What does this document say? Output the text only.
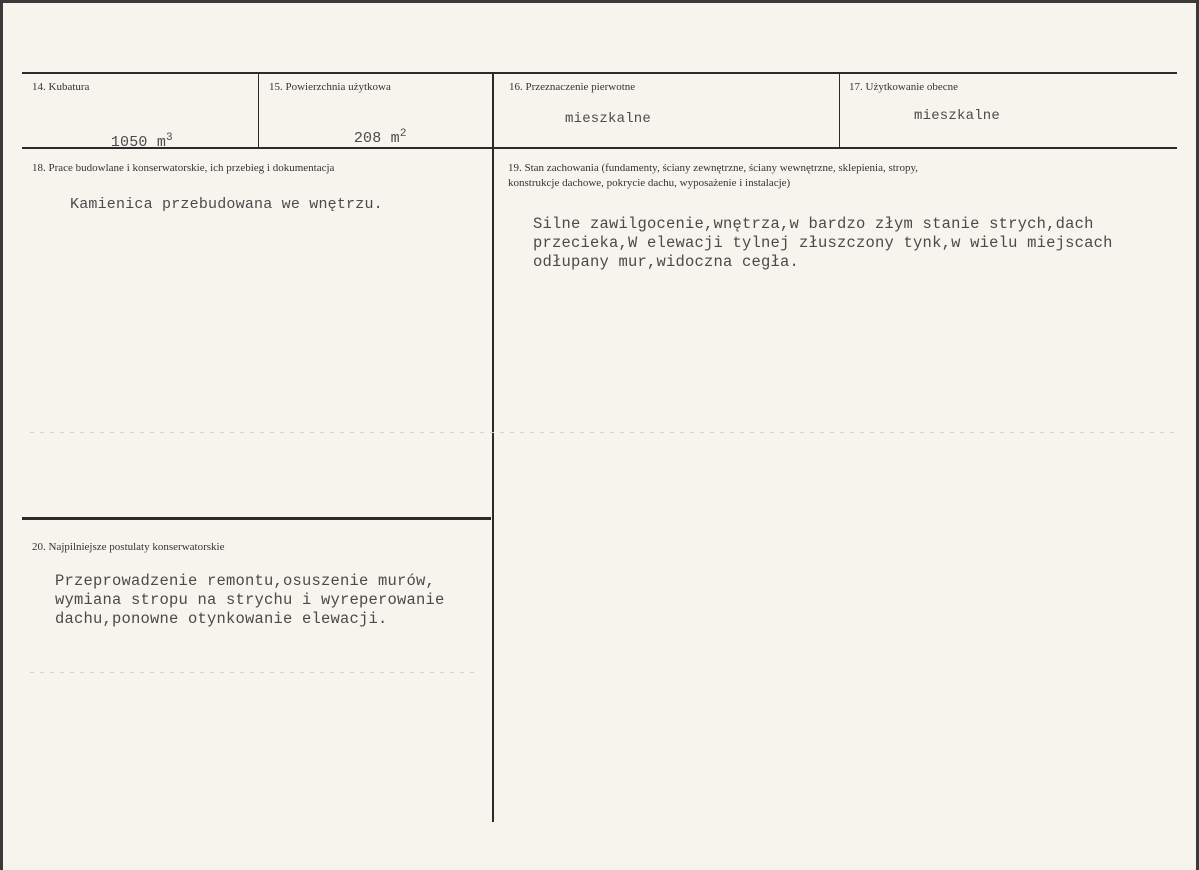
14. Kubatura

1050 $m^3$

15. Powierzchnia użytkowa

208 $m^2$

16. Przeznaczenie pierwotne
mieszkalne
17. Użytkowanie obecne
mieszkalne
18. Prace budowlane i konserwatorskie, ich przebieg i dokumentacja
Kamienica przebudowana we wnętrzu.
19. Stan zachowania (fundamenty, ściany zewnętrzne, ściany wewnętrzne, sklepienia, stropy,
konstrukcje dachowe, pokrycie dachu, wyposażenie i instalacje)
Silne zawilgocenie,wnętrza,w bardzo złym stanie strych,dach
przecieka,W elewacji tylnej złuszczony tynk,w wielu miejscach
odłupany mur,widoczna cegła.
20. Najpilniejsze postulaty konserwatorskie
Przeprowadzenie remontu,osuszenie murów,
wymiana stropu na strychu i wyreperowanie
dachu,ponowne otynkowanie elewacji.
